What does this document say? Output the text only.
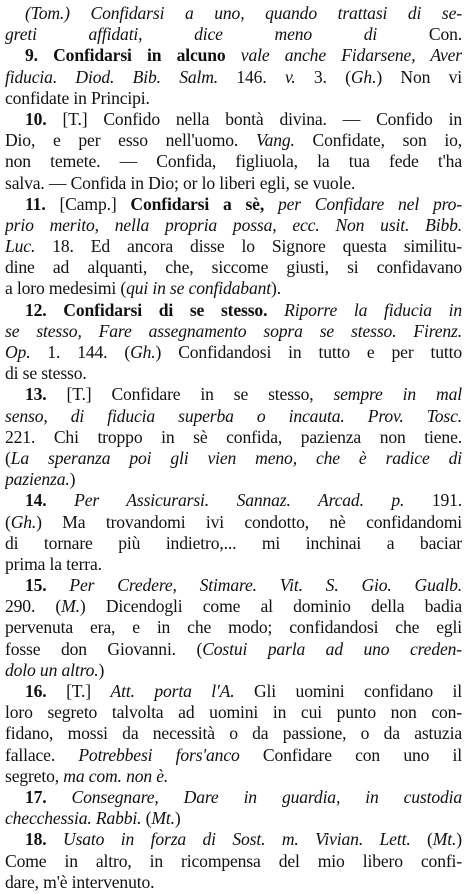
(Tom.) Confidarsi a uno, quando trattasi di se-
greti affidati, dice meno di Con.
9. Confidarsi in alcuno vale anche Fidarsene, Aver
fiducia. Diod. Bib. Salm. 146. v. 3. (Gh.) Non vi
confidate in Principi.
10. [T.] Confido nella bontà divina. — Confido in
Dio, e per esso nell'uomo. Vang. Confidate, son io,
non temete. — Confida, figliuola, la tua fede t'ha
salva. — Confida in Dio; or lo liberi egli, se vuole.
11. [Camp.] Confidarsi a sè, per Confidare nel pro-
prio merito, nella propria possa, ecc. Non usit. Bibb.
Luc. 18. Ed ancora disse lo Signore questa similitu-
dine ad alquanti, che, siccome giusti, si confidavano
a loro medesimi (qui in se confidabant).
12. Confidarsi di se stesso. Riporre la fiducia in
se stesso, Fare assegnamento sopra se stesso. Firenz.
Op. 1. 144. (Gh.) Confidandosi in tutto e per tutto
di se stesso.
13. [T.] Confidare in se stesso, sempre in mal
senso, di fiducia superba o incauta. Prov. Tosc.
221. Chi troppo in sè confida, pazienza non tiene.
(La speranza poi gli vien meno, che è radice di
pazienza.)
14. Per Assicurarsi. Sannaz. Arcad. p. 191.
(Gh.) Ma trovandomi ivi condotto, nè confidandomi
di tornare più indietro,... mi inchinai a baciar
prima la terra.
15. Per Credere, Stimare. Vit. S. Gio. Gualb.
290. (M.) Dicendogli come al dominio della badia
pervenuta era, e in che modo; confidandosi che egli
fosse don Giovanni. (Costui parla ad uno creden-
dolo un altro.)
16. [T.] Att. porta l'A. Gli uomini confidano il
loro segreto talvolta ad uomini in cui punto non con-
fidano, mossi da necessità o da passione, o da astuzia
fallace. Potrebbesi fors'anco Confidare con uno il
segreto, ma com. non è.
17. Consegnare, Dare in guardia, in custodia
checchessia. Rabbi. (Mt.)
18. Usato in forza di Sost. m. Vivian. Lett. (Mt.)
Come in altro, in ricompensa del mio libero confi-
dare, m'è intervenuto.
